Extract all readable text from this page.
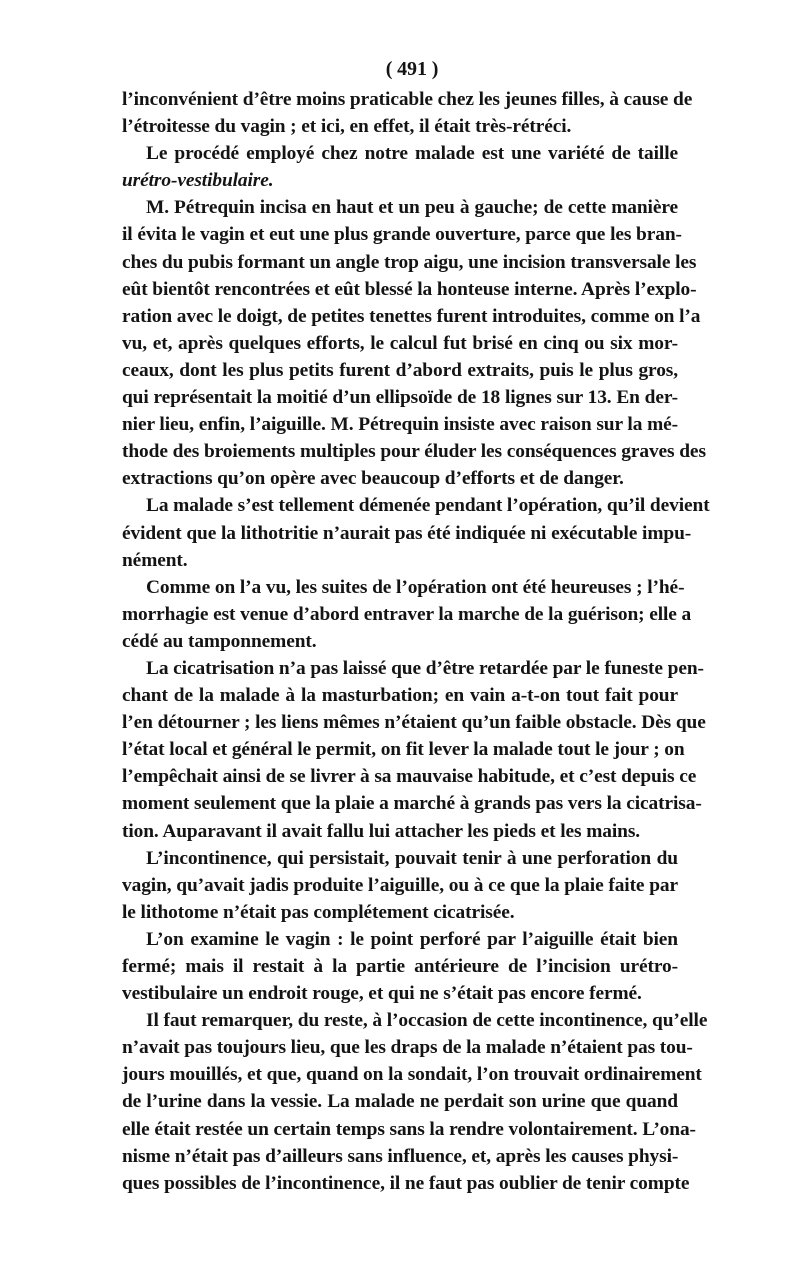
( 491 )
l’inconvénient d’être moins praticable chez les jeunes filles, à cause de
l’étroitesse du vagin ; et ici, en effet, il était très-rétréci.
Le procédé employé chez notre malade est une variété de taille
urétro-vestibulaire.
M. Pétrequin incisa en haut et un peu à gauche; de cette manière
il évita le vagin et eut une plus grande ouverture, parce que les bran-
ches du pubis formant un angle trop aigu, une incision transversale les
eût bientôt rencontrées et eût blessé la honteuse interne. Après l’explo-
ration avec le doigt, de petites tenettes furent introduites, comme on l’a
vu, et, après quelques efforts, le calcul fut brisé en cinq ou six mor-
ceaux, dont les plus petits furent d’abord extraits, puis le plus gros,
qui représentait la moitié d’un ellipsoïde de 18 lignes sur 13. En der-
nier lieu, enfin, l’aiguille. M. Pétrequin insiste avec raison sur la mé-
thode des broiements multiples pour éluder les conséquences graves des
extractions qu’on opère avec beaucoup d’efforts et de danger.
La malade s’est tellement démenée pendant l’opération, qu’il devient
évident que la lithotritie n’aurait pas été indiquée ni exécutable impu-
nément.
Comme on l’a vu, les suites de l’opération ont été heureuses ; l’hé-
morrhagie est venue d’abord entraver la marche de la guérison; elle a
cédé au tamponnement.
La cicatrisation n’a pas laissé que d’être retardée par le funeste pen-
chant de la malade à la masturbation; en vain a-t-on tout fait pour
l’en détourner ; les liens mêmes n’étaient qu’un faible obstacle. Dès que
l’état local et général le permit, on fit lever la malade tout le jour ; on
l’empêchait ainsi de se livrer à sa mauvaise habitude, et c’est depuis ce
moment seulement que la plaie a marché à grands pas vers la cicatrisa-
tion. Auparavant il avait fallu lui attacher les pieds et les mains.
L’incontinence, qui persistait, pouvait tenir à une perforation du
vagin, qu’avait jadis produite l’aiguille, ou à ce que la plaie faite par
le lithotome n’était pas complétement cicatrisée.
L’on examine le vagin : le point perforé par l’aiguille était bien
fermé; mais il restait à la partie antérieure de l’incision urétro-
vestibulaire un endroit rouge, et qui ne s’était pas encore fermé.
Il faut remarquer, du reste, à l’occasion de cette incontinence, qu’elle
n’avait pas toujours lieu, que les draps de la malade n’étaient pas tou-
jours mouillés, et que, quand on la sondait, l’on trouvait ordinairement
de l’urine dans la vessie. La malade ne perdait son urine que quand
elle était restée un certain temps sans la rendre volontairement. L’ona-
nisme n’était pas d’ailleurs sans influence, et, après les causes physi-
ques possibles de l’incontinence, il ne faut pas oublier de tenir compte
